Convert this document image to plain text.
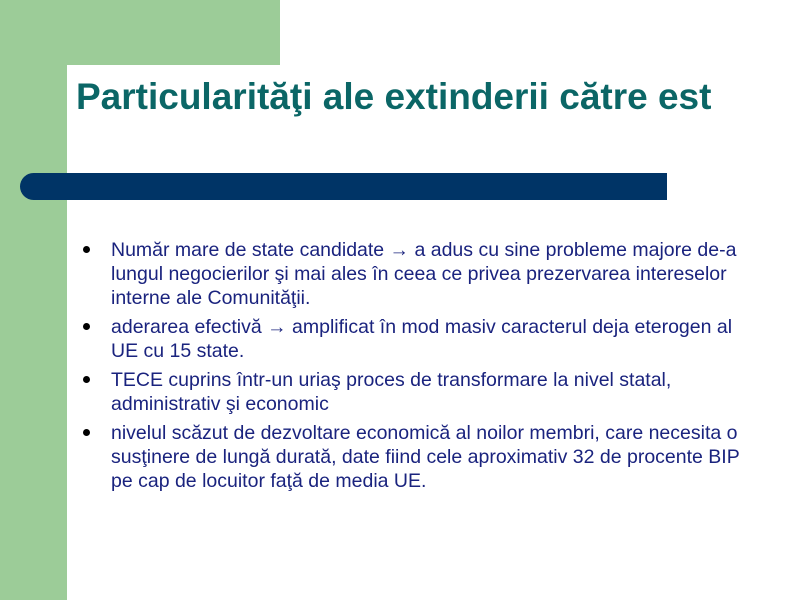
Particularităţi ale extinderii către est
Număr mare de state candidate → a adus cu sine probleme majore de-a lungul negocierilor şi mai ales în ceea ce privea prezervarea intereselor interne ale Comunităţii.
aderarea efectivă → amplificat în mod masiv caracterul deja eterogen al UE cu 15 state.
TECE cuprins într-un uriaş proces de transformare la nivel statal, administrativ şi economic
nivelul scăzut de dezvoltare economică al noilor membri, care necesita o susţinere de lungă durată, date fiind cele aproximativ 32 de procente BIP pe cap de locuitor faţă de media UE.
